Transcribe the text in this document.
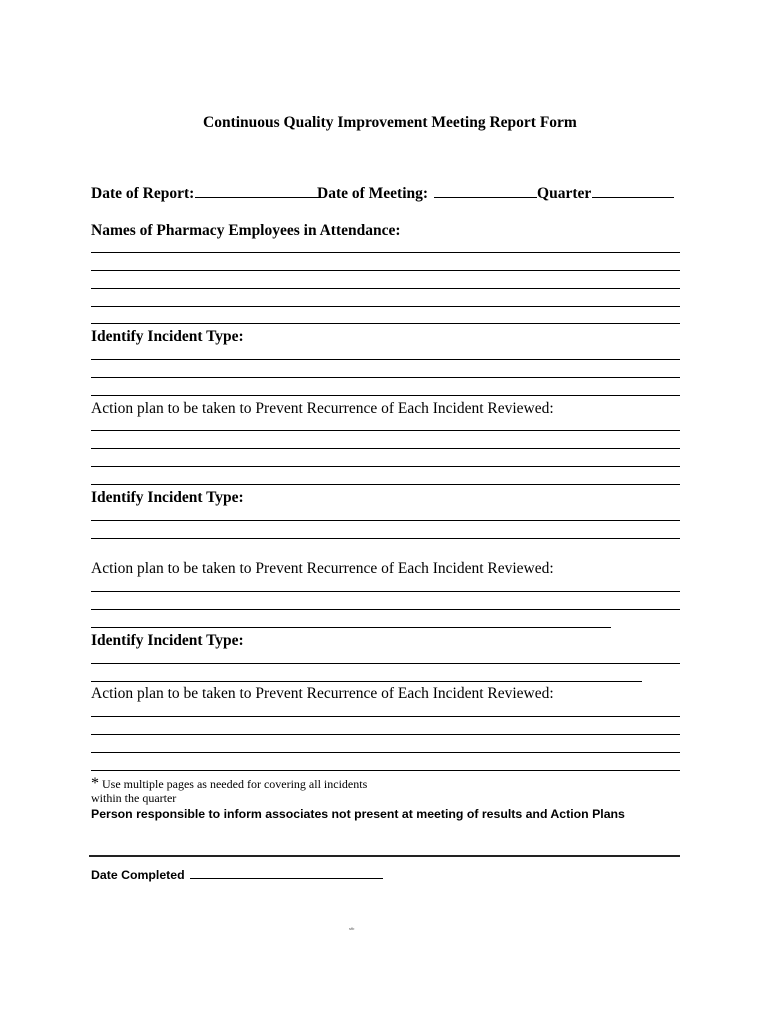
Continuous Quality Improvement Meeting Report Form
Date of Report:	Date of Meeting:	Quarter
Names of Pharmacy Employees in Attendance:
Identify Incident Type:
Action plan to be taken to Prevent Recurrence of Each Incident Reviewed:
Identify Incident Type:
Action plan to be taken to Prevent Recurrence of Each Incident Reviewed:
Identify Incident Type:
Action plan to be taken to Prevent Recurrence of Each Incident Reviewed:
* Use multiple pages as needed for covering all incidents
within the quarter
Person responsible to inform associates not present at meeting of results and Action Plans
Date Completed
sfb
